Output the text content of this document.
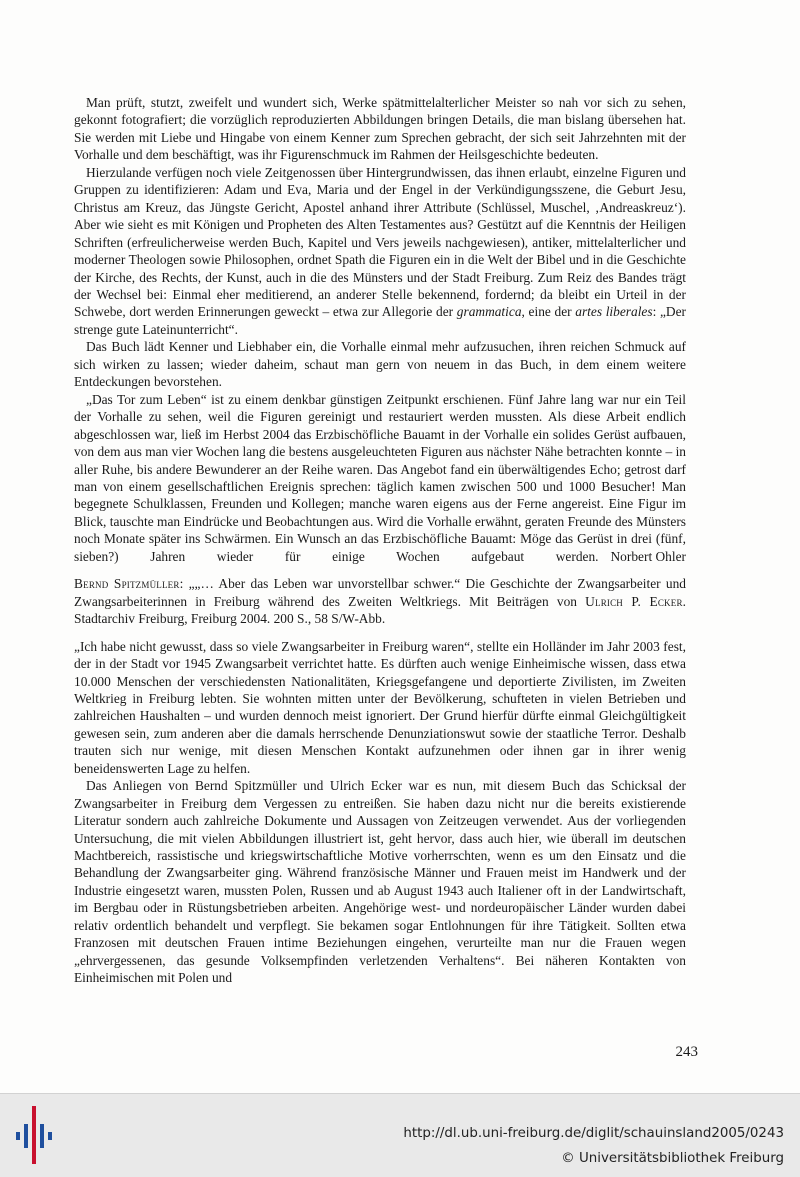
Man prüft, stutzt, zweifelt und wundert sich, Werke spätmittelalterlicher Meister so nah vor sich zu sehen, gekonnt fotografiert; die vorzüglich reproduzierten Abbildungen bringen Details, die man bislang übersehen hat. Sie werden mit Liebe und Hingabe von einem Kenner zum Sprechen gebracht, der sich seit Jahrzehnten mit der Vorhalle und dem beschäftigt, was ihr Figurenschmuck im Rahmen der Heilsgeschichte bedeuten.

Hierzulande verfügen noch viele Zeitgenossen über Hintergrundwissen, das ihnen erlaubt, einzelne Figuren und Gruppen zu identifizieren: Adam und Eva, Maria und der Engel in der Verkündigungsszene, die Geburt Jesu, Christus am Kreuz, das Jüngste Gericht, Apostel anhand ihrer Attribute (Schlüssel, Muschel, ‚Andreaskreuz‘). Aber wie sieht es mit Königen und Propheten des Alten Testamentes aus? Gestützt auf die Kenntnis der Heiligen Schriften (erfreulicherweise werden Buch, Kapitel und Vers jeweils nachgewiesen), antiker, mittelalterlicher und moderner Theologen sowie Philosophen, ordnet Spath die Figuren ein in die Welt der Bibel und in die Geschichte der Kirche, des Rechts, der Kunst, auch in die des Münsters und der Stadt Freiburg. Zum Reiz des Bandes trägt der Wechsel bei: Einmal eher meditierend, an anderer Stelle bekennend, fordernd; da bleibt ein Urteil in der Schwebe, dort werden Erinnerungen geweckt – etwa zur Allegorie der grammatica, eine der artes liberales: „Der strenge gute Lateinunterricht“.

Das Buch lädt Kenner und Liebhaber ein, die Vorhalle einmal mehr aufzusuchen, ihren reichen Schmuck auf sich wirken zu lassen; wieder daheim, schaut man gern von neuem in das Buch, in dem einem weitere Entdeckungen bevorstehen.

„Das Tor zum Leben“ ist zu einem denkbar günstigen Zeitpunkt erschienen. Fünf Jahre lang war nur ein Teil der Vorhalle zu sehen, weil die Figuren gereinigt und restauriert werden mussten. Als diese Arbeit endlich abgeschlossen war, ließ im Herbst 2004 das Erzbischöfliche Bauamt in der Vorhalle ein solides Gerüst aufbauen, von dem aus man vier Wochen lang die bestens ausgeleuchteten Figuren aus nächster Nähe betrachten konnte – in aller Ruhe, bis andere Bewunderer an der Reihe waren. Das Angebot fand ein überwältigendes Echo; getrost darf man von einem gesellschaftlichen Ereignis sprechen: täglich kamen zwischen 500 und 1000 Besucher! Man begegnete Schulklassen, Freunden und Kollegen; manche waren eigens aus der Ferne angereist. Eine Figur im Blick, tauschte man Eindrücke und Beobachtungen aus. Wird die Vorhalle erwähnt, geraten Freunde des Münsters noch Monate später ins Schwärmen. Ein Wunsch an das Erzbischöfliche Bauamt: Möge das Gerüst in drei (fünf, sieben?) Jahren wieder für einige Wochen aufgebaut werden. Norbert Ohler

Bernd Spitzmüller: „„… Aber das Leben war unvorstellbar schwer.“ Die Geschichte der Zwangsarbeiter und Zwangsarbeiterinnen in Freiburg während des Zweiten Weltkriegs. Mit Beiträgen von Ulrich P. Ecker. Stadtarchiv Freiburg, Freiburg 2004. 200 S., 58 S/W-Abb.

„Ich habe nicht gewusst, dass so viele Zwangsarbeiter in Freiburg waren“, stellte ein Holländer im Jahr 2003 fest, der in der Stadt vor 1945 Zwangsarbeit verrichtet hatte. Es dürften auch wenige Einheimische wissen, dass etwa 10.000 Menschen der verschiedensten Nationalitäten, Kriegsgefangene und deportierte Zivilisten, im Zweiten Weltkrieg in Freiburg lebten. Sie wohnten mitten unter der Bevölkerung, schufteten in vielen Betrieben und zahlreichen Haushalten – und wurden dennoch meist ignoriert. Der Grund hierfür dürfte einmal Gleichgültigkeit gewesen sein, zum anderen aber die damals herrschende Denunziationswut sowie der staatliche Terror. Deshalb trauten sich nur wenige, mit diesen Menschen Kontakt aufzunehmen oder ihnen gar in ihrer wenig beneidenswerten Lage zu helfen.

Das Anliegen von Bernd Spitzmüller und Ulrich Ecker war es nun, mit diesem Buch das Schicksal der Zwangsarbeiter in Freiburg dem Vergessen zu entreißen. Sie haben dazu nicht nur die bereits existierende Literatur sondern auch zahlreiche Dokumente und Aussagen von Zeitzeugen verwendet. Aus der vorliegenden Untersuchung, die mit vielen Abbildungen illustriert ist, geht hervor, dass auch hier, wie überall im deutschen Machtbereich, rassistische und kriegswirtschaftliche Motive vorherrschten, wenn es um den Einsatz und die Behandlung der Zwangsarbeiter ging. Während französische Männer und Frauen meist im Handwerk und der Industrie eingesetzt waren, mussten Polen, Russen und ab August 1943 auch Italiener oft in der Landwirtschaft, im Bergbau oder in Rüstungsbetrieben arbeiten. Angehörige west- und nordeuropäischer Länder wurden dabei relativ ordentlich behandelt und verpflegt. Sie bekamen sogar Entlohnungen für ihre Tätigkeit. Sollten etwa Franzosen mit deutschen Frauen intime Beziehungen eingehen, verurteilte man nur die Frauen wegen „ehrvergessenen, das gesunde Volksempfinden verletzenden Verhaltens“. Bei näheren Kontakten von Einheimischen mit Polen und

243
http://dl.ub.uni-freiburg.de/diglit/schauinsland2005/0243
© Universitätsbibliothek Freiburg
